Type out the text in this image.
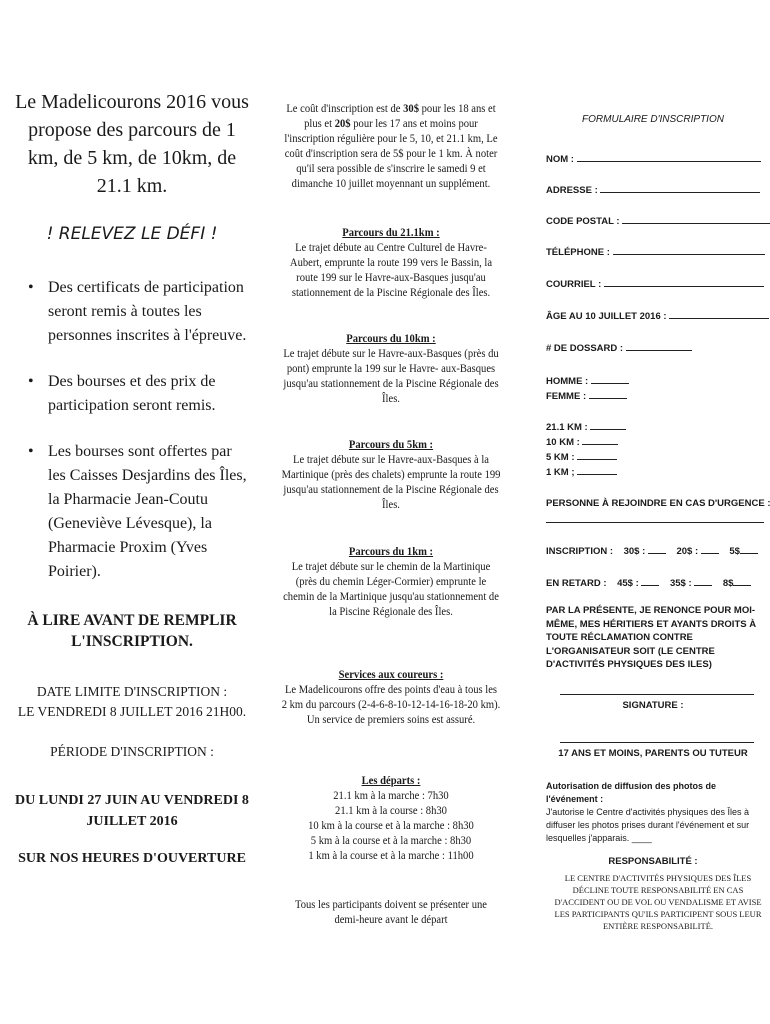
Le Madelicourons 2016 vous propose des parcours de 1 km, de 5 km, de 10km, de 21.1 km.
! RELEVEZ LE DÉFI !
• Des certificats de participation seront remis à toutes les personnes inscrites à l'épreuve.
• Des bourses et des prix de participation seront remis.
• Les bourses sont offertes par les Caisses Desjardins des Îles, la Pharmacie Jean-Coutu (Geneviève Lévesque), la Pharmacie Proxim (Yves Poirier).
À LIRE AVANT DE REMPLIR L'INSCRIPTION.
DATE LIMITE D'INSCRIPTION :
LE VENDREDI 8 JUILLET 2016 21H00.
PÉRIODE D'INSCRIPTION :
DU LUNDI 27 JUIN AU VENDREDI 8 JUILLET 2016
SUR NOS HEURES D'OUVERTURE

Le coût d'inscription est de 30$ pour les 18 ans et plus et 20$ pour les 17 ans et moins pour l'inscription régulière pour le 5, 10, et 21.1 km, Le coût d'inscription sera de 5$ pour le 1 km. À noter qu'il sera possible de s'inscrire le samedi 9 et dimanche 10 juillet moyennant un supplément.

Parcours du 21.1km :
Le trajet débute au Centre Culturel de Havre-Aubert, emprunte la route 199 vers le Bassin, la route 199 sur le Havre-aux-Basques jusqu'au stationnement de la Piscine Régionale des Îles.
Parcours du 10km :
Le trajet débute sur le Havre-aux-Basques (près du pont) emprunte la 199 sur le Havre- aux-Basques jusqu'au stationnement de la Piscine Régionale des Îles.
Parcours du 5km :
Le trajet débute sur le Havre-aux-Basques à la Martinique (près des chalets) emprunte la route 199 jusqu'au stationnement de la Piscine Régionale des Îles.
Parcours du 1km :
Le trajet débute sur le chemin de la Martinique (près du chemin Léger-Cormier) emprunte le chemin de la Martinique jusqu'au stationnement de la Piscine Régionale des Îles.
Services aux coureurs :
Le Madelicourons offre des points d'eau à tous les 2 km du parcours (2-4-6-8-10-12-14-16-18-20 km). Un service de premiers soins est assuré.
Les départs :
21.1 km à la marche : 7h30
21.1 km à la course : 8h30
10 km à la course et à la marche : 8h30
5 km à la course et à la marche : 8h30
1 km à la course et à la marche : 11h00
Tous les participants doivent se présenter une demi-heure avant le départ
FORMULAIRE D'INSCRIPTION
NOM :
ADRESSE :
CODE POSTAL :
TÉLÉPHONE :
COURRIEL :
ÂGE AU 10 JUILLET 2016 :
# DE DOSSARD :
HOMME :
FEMME :
21.1 KM :
10 KM :
5 KM :
1 KM ;
PERSONNE À REJOINDRE EN CAS D'URGENCE :
INSCRIPTION : 30$ :	20$ :	5$
EN RETARD : 45$ :	35$ :	8$
PAR LA PRÉSENTE, JE RENONCE POUR MOI-MÊME, MES HÉRITIERS ET AYANTS DROITS À TOUTE RÉCLAMATION CONTRE L'ORGANISATEUR SOIT (LE CENTRE D'ACTIVITÉS PHYSIQUES DES ILES)
SIGNATURE :
17 ANS ET MOINS, PARENTS OU TUTEUR
Autorisation de diffusion des photos de l'événement :
J'autorise le Centre d'activités physiques des Îles à diffuser les photos prises durant l'événement et sur lesquelles j'apparais. ____
RESPONSABILITÉ :
LE CENTRE D'ACTIVITÉS PHYSIQUES DES ÎLES DÉCLINE TOUTE RESPONSABILITÉ EN CAS D'ACCIDENT OU DE VOL OU VENDALISME ET AVISE LES PARTICIPANTS QU'ILS PARTICIPENT SOUS LEUR ENTIÈRE RESPONSABILITÉ.
